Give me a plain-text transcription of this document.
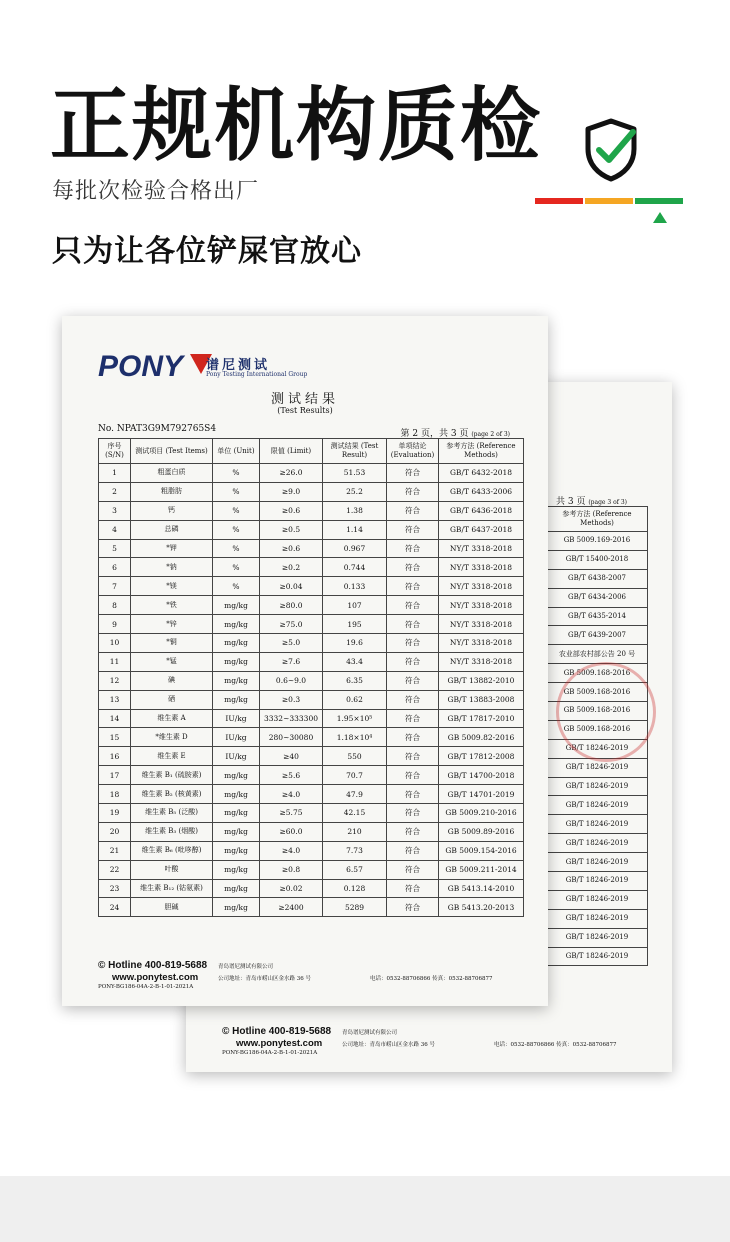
正规机构质检
每批次检验合格出厂
只为让各位铲屎官放心
共 3 页 (page 3 of 3)
参考方法 (Reference Methods)
GB 5009.169-2016
GB/T 15400-2018
GB/T 6438-2007
GB/T 6434-2006
GB/T 6435-2014
GB/T 6439-2007
农业部农村部公告 20 号
GB 5009.168-2016
GB 5009.168-2016
GB 5009.168-2016
GB 5009.168-2016
GB/T 18246-2019
GB/T 18246-2019
GB/T 18246-2019
GB/T 18246-2019
GB/T 18246-2019
GB/T 18246-2019
GB/T 18246-2019
GB/T 18246-2019
GB/T 18246-2019
GB/T 18246-2019
GB/T 18246-2019
GB/T 18246-2019
© Hotline 400-819-5688
www.ponytest.com
PONY-BG186-04A-2-B-1-01-2021A
青岛谱尼测试有限公司
公司地址：青岛市崂山区金水路 36 号	电话：0532-88706866 传真：0532-88706877
PONY 谱尼测试
Pony Testing International Group
测试结果
(Test Results)
No. NPAT3G9M792765S4	第 2 页，共 3 页 (page 2 of 3)
序号 (S/N)	测试项目 (Test Items)	单位 (Unit)	限值 (Limit)	测试结果 (Test Result)	单项结论 (Evaluation)	参考方法 (Reference Methods)
1	粗蛋白质	%	≥26.0	51.53	符合	GB/T 6432-2018
2	粗脂肪	%	≥9.0	25.2	符合	GB/T 6433-2006
3	钙	%	≥0.6	1.38	符合	GB/T 6436-2018
4	总磷	%	≥0.5	1.14	符合	GB/T 6437-2018
5	*钾	%	≥0.6	0.967	符合	NY/T 3318-2018
6	*钠	%	≥0.2	0.744	符合	NY/T 3318-2018
7	*镁	%	≥0.04	0.133	符合	NY/T 3318-2018
8	*铁	mg/kg	≥80.0	107	符合	NY/T 3318-2018
9	*锌	mg/kg	≥75.0	195	符合	NY/T 3318-2018
10	*铜	mg/kg	≥5.0	19.6	符合	NY/T 3318-2018
11	*锰	mg/kg	≥7.6	43.4	符合	NY/T 3318-2018
12	碘	mg/kg	0.6~9.0	6.35	符合	GB/T 13882-2010
13	硒	mg/kg	≥0.3	0.62	符合	GB/T 13883-2008
14	维生素 A	IU/kg	3332~333300	1.95×10⁵	符合	GB/T 17817-2010
15	*维生素 D	IU/kg	280~30080	1.18×10⁴	符合	GB 5009.82-2016
16	维生素 E	IU/kg	≥40	550	符合	GB/T 17812-2008
17	维生素 B₁ (硫胺素)	mg/kg	≥5.6	70.7	符合	GB/T 14700-2018
18	维生素 B₂ (核黄素)	mg/kg	≥4.0	47.9	符合	GB/T 14701-2019
19	维生素 B₅ (泛酸)	mg/kg	≥5.75	42.15	符合	GB 5009.210-2016
20	维生素 B₃ (烟酸)	mg/kg	≥60.0	210	符合	GB 5009.89-2016
21	维生素 B₆ (吡哆醇)	mg/kg	≥4.0	7.73	符合	GB 5009.154-2016
22	叶酸	mg/kg	≥0.8	6.57	符合	GB 5009.211-2014
23	维生素 B₁₂ (钴氨素)	mg/kg	≥0.02	0.128	符合	GB 5413.14-2010
24	胆碱	mg/kg	≥2400	5289	符合	GB 5413.20-2013
© Hotline 400-819-5688
www.ponytest.com
PONY-BG186-04A-2-B-1-01-2021A
青岛谱尼测试有限公司
公司地址：青岛市崂山区金水路 36 号	电话：0532-88706866 传真：0532-88706877
